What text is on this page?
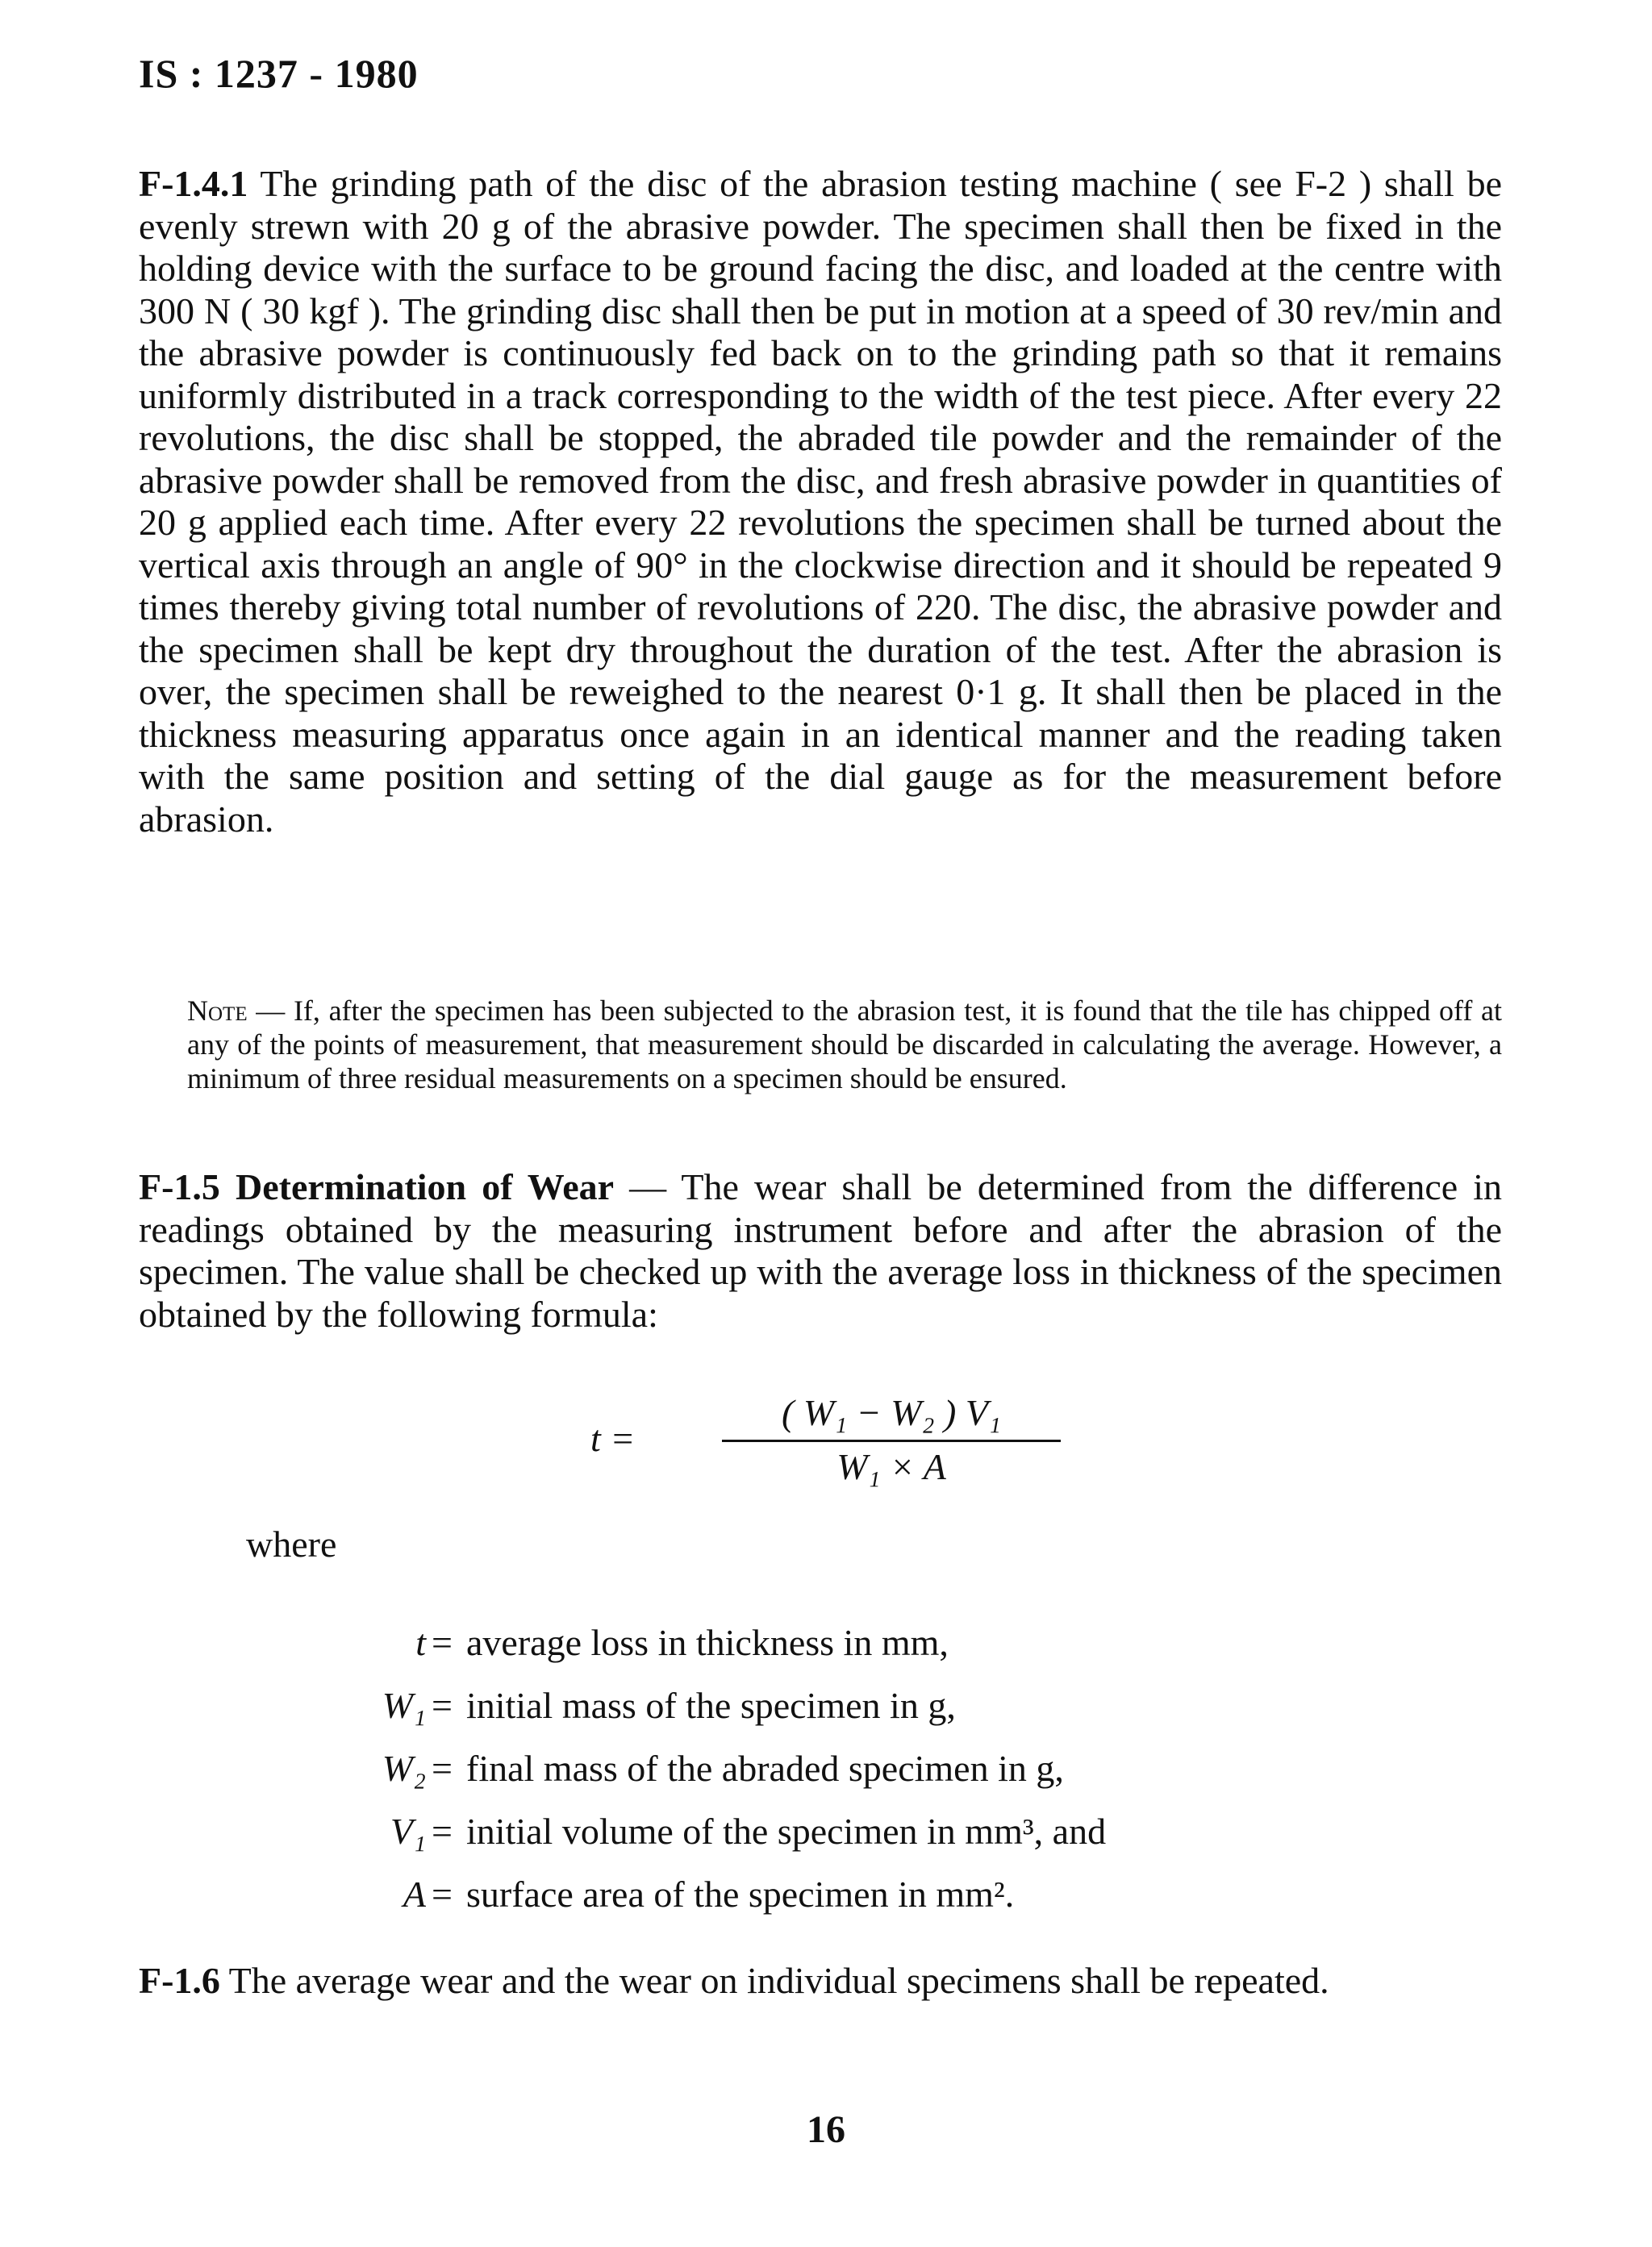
IS : 1237 - 1980

F-1.4.1 The grinding path of the disc of the abrasion testing machine ( see F-2 ) shall be evenly strewn with 20 g of the abrasive powder. The specimen shall then be fixed in the holding device with the surface to be ground facing the disc, and loaded at the centre with 300 N ( 30 kgf ). The grinding disc shall then be put in motion at a speed of 30 rev/min and the abrasive powder is continuously fed back on to the grinding path so that it remains uniformly distributed in a track corresponding to the width of the test piece. After every 22 revolutions, the disc shall be stopped, the abraded tile powder and the remainder of the abrasive powder shall be removed from the disc, and fresh abrasive powder in quantities of 20 g applied each time. After every 22 revolutions the specimen shall be turned about the vertical axis through an angle of 90° in the clockwise direction and it should be repeated 9 times thereby giving total number of revolutions of 220. The disc, the abrasive powder and the specimen shall be kept dry throughout the duration of the test. After the abrasion is over, the specimen shall be reweighed to the nearest 0·1 g. It shall then be placed in the thickness measuring apparatus once again in an identical manner and the reading taken with the same position and setting of the dial gauge as for the measurement before abrasion.

Note — If, after the specimen has been subjected to the abrasion test, it is found that the tile has chipped off at any of the points of measurement, that measurement should be discarded in calculating the average. However, a minimum of three residual measurements on a specimen should be ensured.

F-1.5 Determination of Wear — The wear shall be determined from the difference in readings obtained by the measuring instrument before and after the abrasion of the specimen. The value shall be checked up with the average loss in thickness of the specimen obtained by the following formula:

t =
( W₁ − W₂ ) V₁
W₁ × A
where
t = average loss in thickness in mm,
W₁ = initial mass of the specimen in g,
W₂ = final mass of the abraded specimen in g,
V₁ = initial volume of the specimen in mm³, and
A = surface area of the specimen in mm².

F-1.6 The average wear and the wear on individual specimens shall be repeated.

16
